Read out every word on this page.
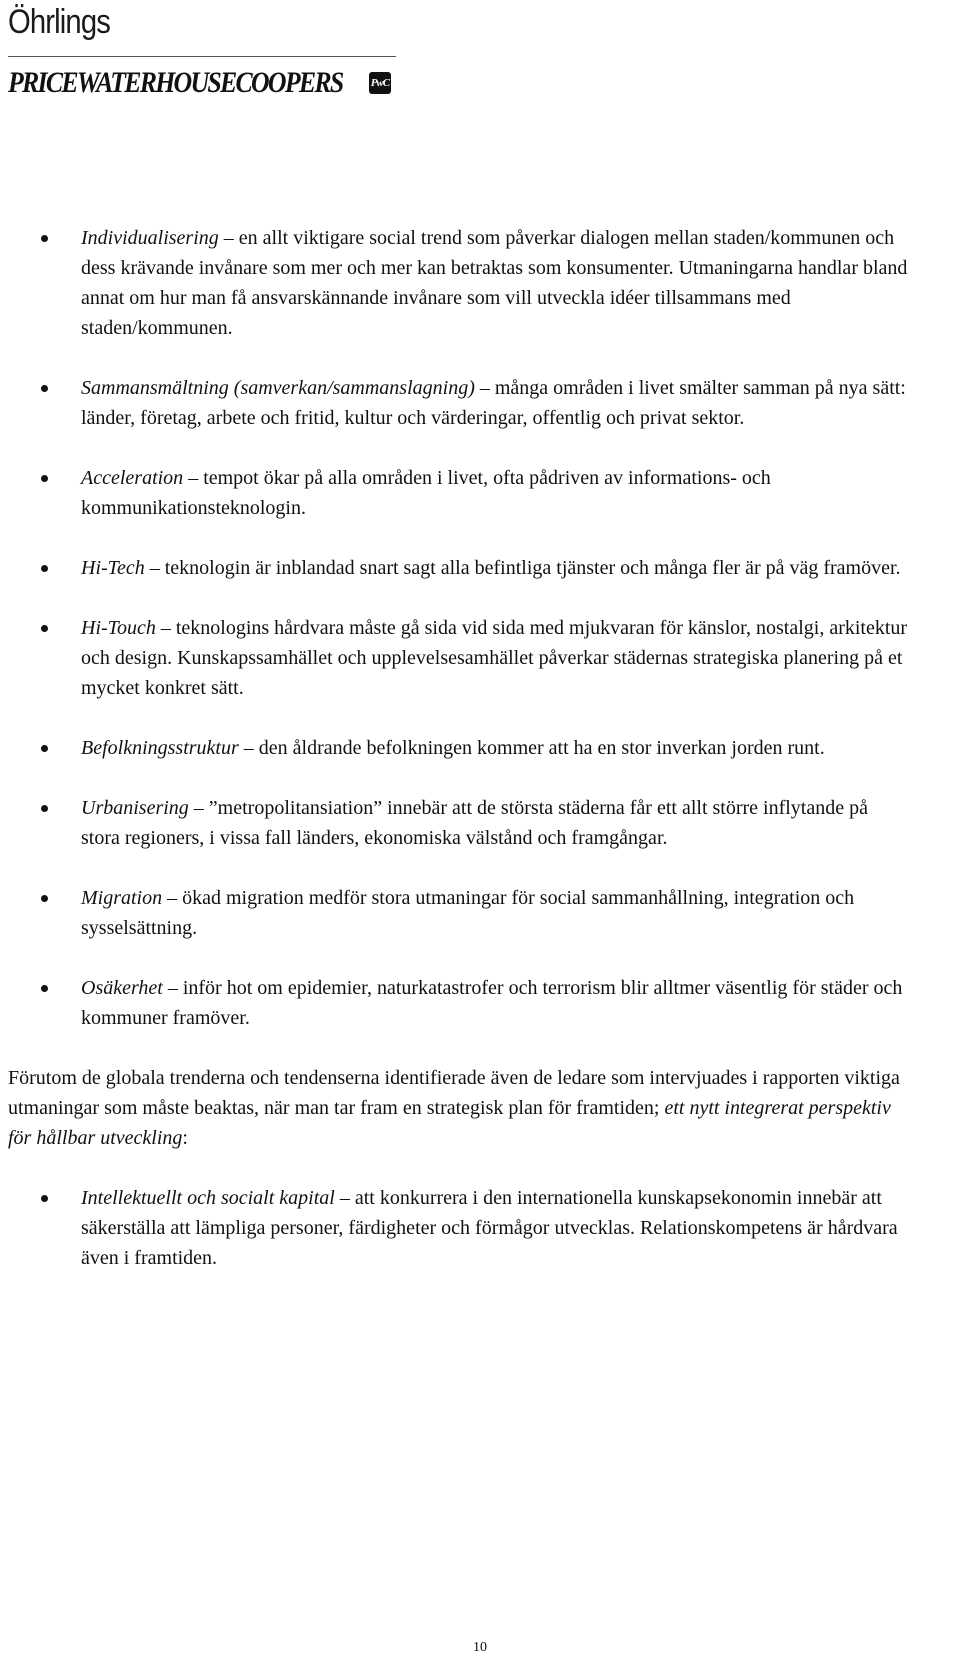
Öhrlings
PRICEWATERHOUSECOOPERS	PwC
Individualisering – en allt viktigare social trend som påverkar dialogen mellan staden/kommunen och dess krävande invånare som mer och mer kan betraktas som konsumenter. Utmaningarna handlar bland annat om hur man få ansvarskännande invånare som vill utveckla idéer tillsammans med staden/kommunen.
Sammansmältning (samverkan/sammanslagning) – många områden i livet smälter samman på nya sätt: länder, företag, arbete och fritid, kultur och värderingar, offentlig och privat sektor.
Acceleration – tempot ökar på alla områden i livet, ofta pådriven av informations- och kommunikationsteknologin.
Hi-Tech – teknologin är inblandad snart sagt alla befintliga tjänster och många fler är på väg framöver.
Hi-Touch – teknologins hårdvara måste gå sida vid sida med mjukvaran för känslor, nostalgi, arkitektur och design. Kunskapssamhället och upplevelsesamhället påverkar städernas strategiska planering på et mycket konkret sätt.
Befolkningsstruktur – den åldrande befolkningen kommer att ha en stor inverkan jorden runt.
Urbanisering – ”metropolitansiation” innebär att de största städerna får ett allt större inflytande på stora regioners, i vissa fall länders, ekonomiska välstånd och framgångar.
Migration – ökad migration medför stora utmaningar för social sammanhållning, integration och sysselsättning.
Osäkerhet – inför hot om epidemier, naturkatastrofer och terrorism blir alltmer väsentlig för städer och kommuner framöver.

Förutom de globala trenderna och tendenserna identifierade även de ledare som intervjuades i rapporten viktiga utmaningar som måste beaktas, när man tar fram en strategisk plan för framtiden; ett nytt integrerat perspektiv för hållbar utveckling:

Intellektuellt och socialt kapital – att konkurrera i den internationella kunskapsekonomin innebär att säkerställa att lämpliga personer, färdigheter och förmågor utvecklas. Relationskompetens är hårdvara även i framtiden.
10
